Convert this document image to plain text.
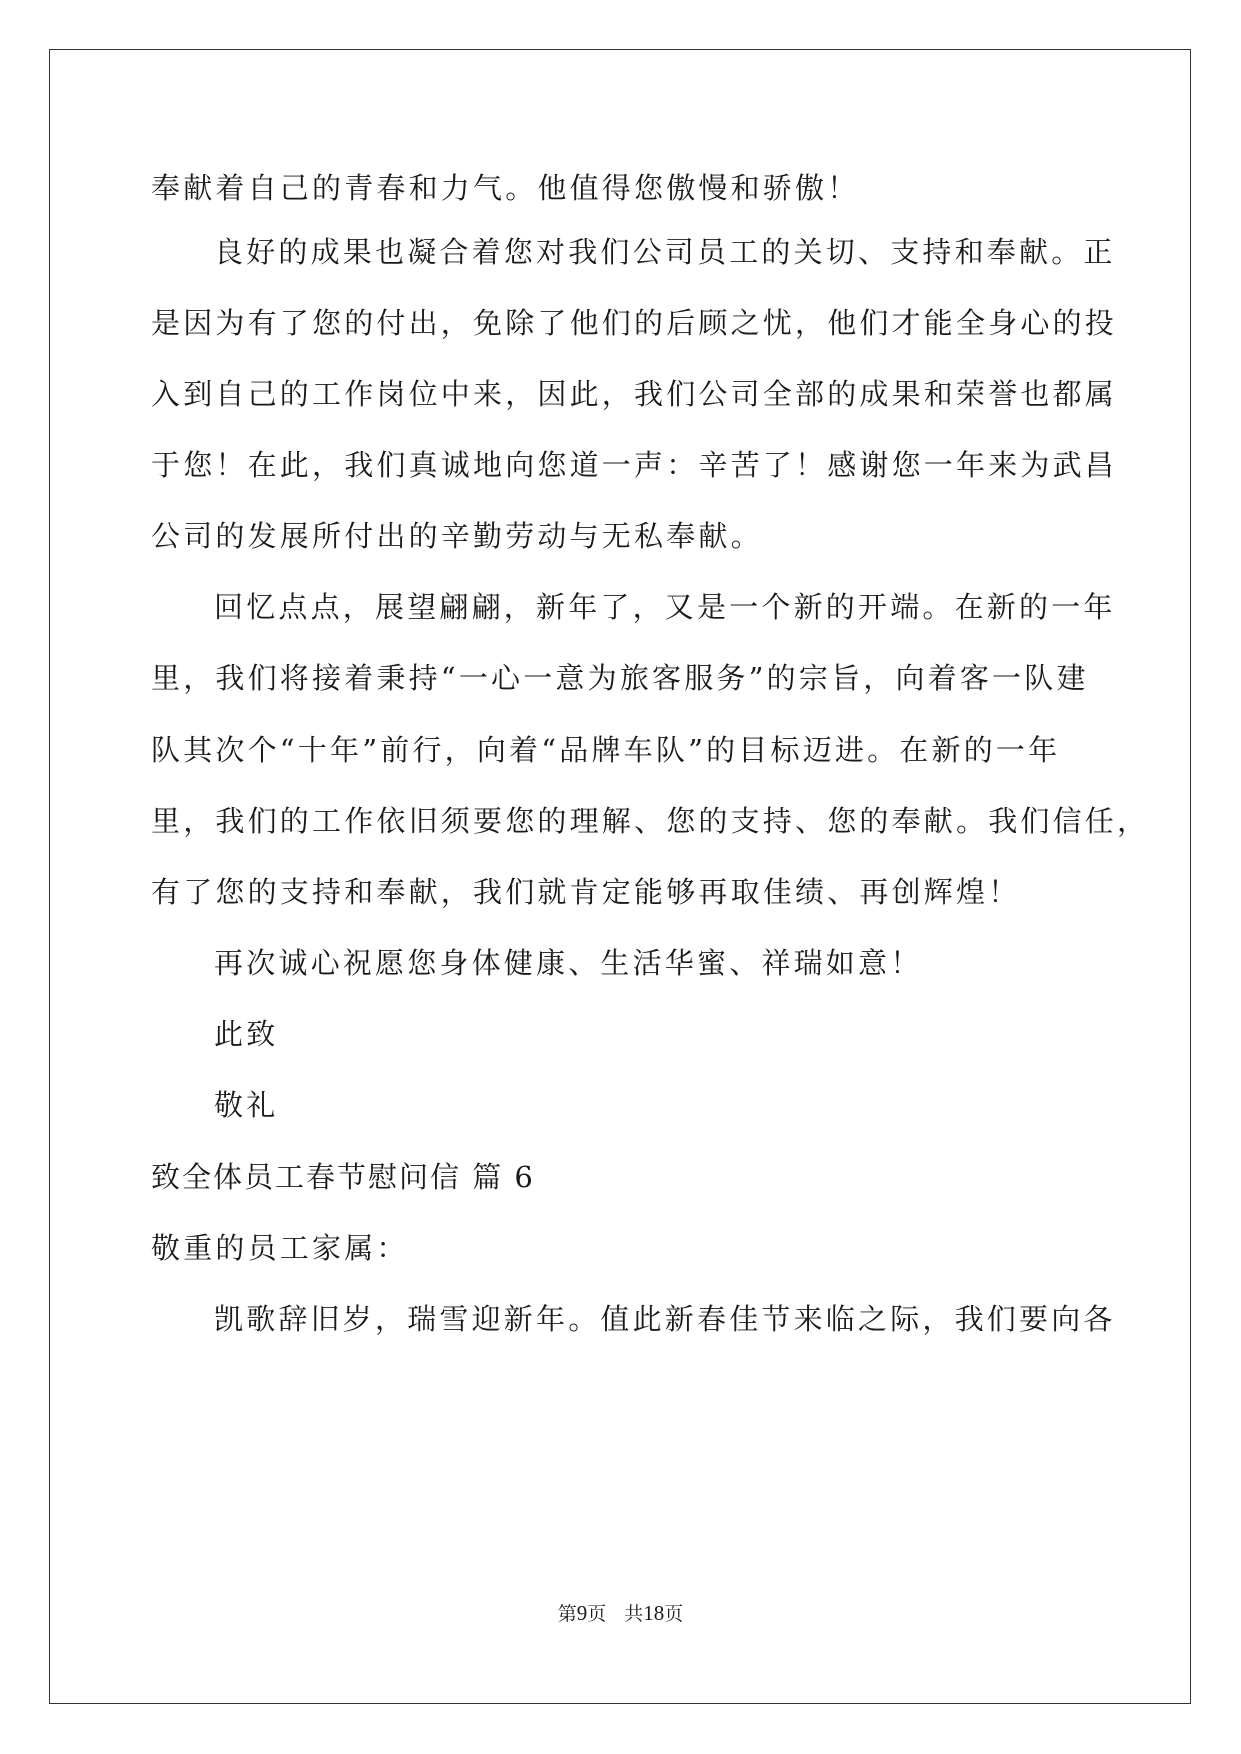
奉献着自己的青春和力气。他值得您傲慢和骄傲！

良好的成果也凝合着您对我们公司员工的关切、支持和奉献。正

是因为有了您的付出，免除了他们的后顾之忧，他们才能全身心的投

入到自己的工作岗位中来，因此，我们公司全部的成果和荣誉也都属

于您！在此，我们真诚地向您道一声：辛苦了！感谢您一年来为武昌

公司的发展所付出的辛勤劳动与无私奉献。

回忆点点，展望翩翩，新年了，又是一个新的开端。在新的一年

里，我们将接着秉持“一心一意为旅客服务”的宗旨，向着客一队建

队其次个“十年”前行，向着“品牌车队”的目标迈进。在新的一年

里，我们的工作依旧须要您的理解、您的支持、您的奉献。我们信任，

有了您的支持和奉献，我们就肯定能够再取佳绩、再创辉煌！

再次诚心祝愿您身体健康、生活华蜜、祥瑞如意！

此致

敬礼

致全体员工春节慰问信 篇 6

敬重的员工家属：

凯歌辞旧岁，瑞雪迎新年。值此新春佳节来临之际，我们要向各

第9页 共18页
